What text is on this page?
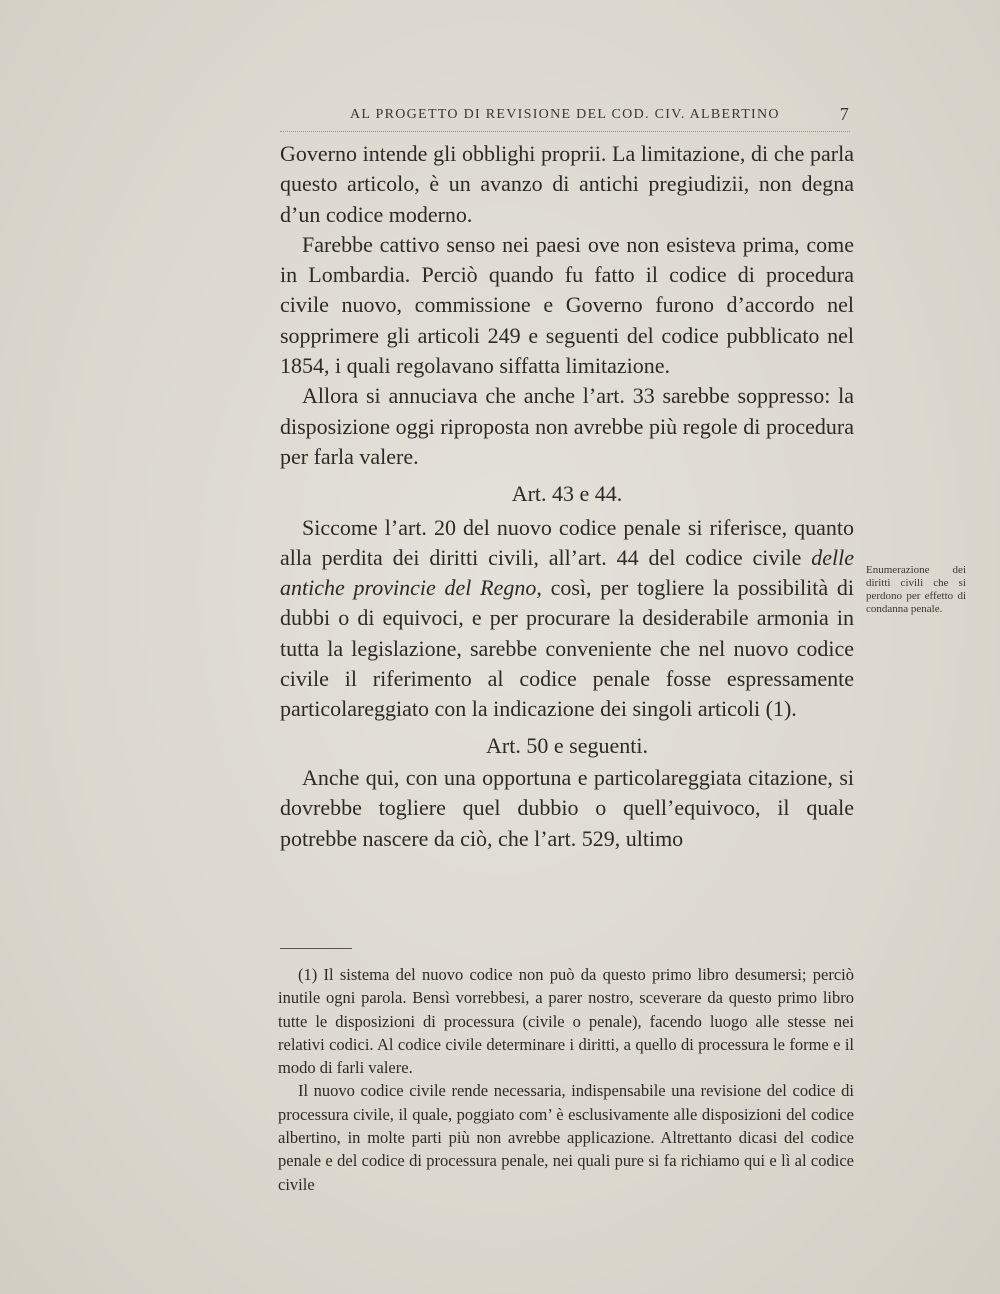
AL PROGETTO DI REVISIONE DEL COD. CIV. ALBERTINO	7

Governo intende gli obblighi proprii. La limitazione, di che parla questo articolo, è un avanzo di antichi pregiudizii, non degna d’un codice moderno.

Farebbe cattivo senso nei paesi ove non esisteva prima, come in Lombardia. Perciò quando fu fatto il codice di procedura civile nuovo, commissione e Governo furono d’accordo nel sopprimere gli articoli 249 e seguenti del codice pubblicato nel 1854, i quali regolavano siffatta limitazione.

Allora si annuciava che anche l’art. 33 sarebbe soppresso: la disposizione oggi riproposta non avrebbe più regole di procedura per farla valere.

Art. 43 e 44.

Siccome l’art. 20 del nuovo codice penale si riferisce, quanto alla perdita dei diritti civili, all’art. 44 del codice civile delle antiche provincie del Regno, così, per togliere la possibilità di dubbi o di equivoci, e per procurare la desiderabile armonia in tutta la legislazione, sarebbe conveniente che nel nuovo codice civile il riferimento al codice penale fosse espressamente particolareggiato con la indicazione dei singoli articoli (1).

Art. 50 e seguenti.

Anche qui, con una opportuna e particolareggiata citazione, si dovrebbe togliere quel dubbio o quell’equivoco, il quale potrebbe nascere da ciò, che l’art. 529, ultimo

Enumerazione dei diritti civili che si perdono per effetto di condanna penale.

(1) Il sistema del nuovo codice non può da questo primo libro desumersi; perciò inutile ogni parola. Bensì vorrebbesi, a parer nostro, sceverare da questo primo libro tutte le disposizioni di processura (civile o penale), facendo luogo alle stesse nei relativi codici. Al codice civile determinare i diritti, a quello di processura le forme e il modo di farli valere.

Il nuovo codice civile rende necessaria, indispensabile una revisione del codice di processura civile, il quale, poggiato com’ è esclusivamente alle disposizioni del codice albertino, in molte parti più non avrebbe applicazione. Altrettanto dicasi del codice penale e del codice di processura penale, nei quali pure si fa richiamo qui e lì al codice civile
